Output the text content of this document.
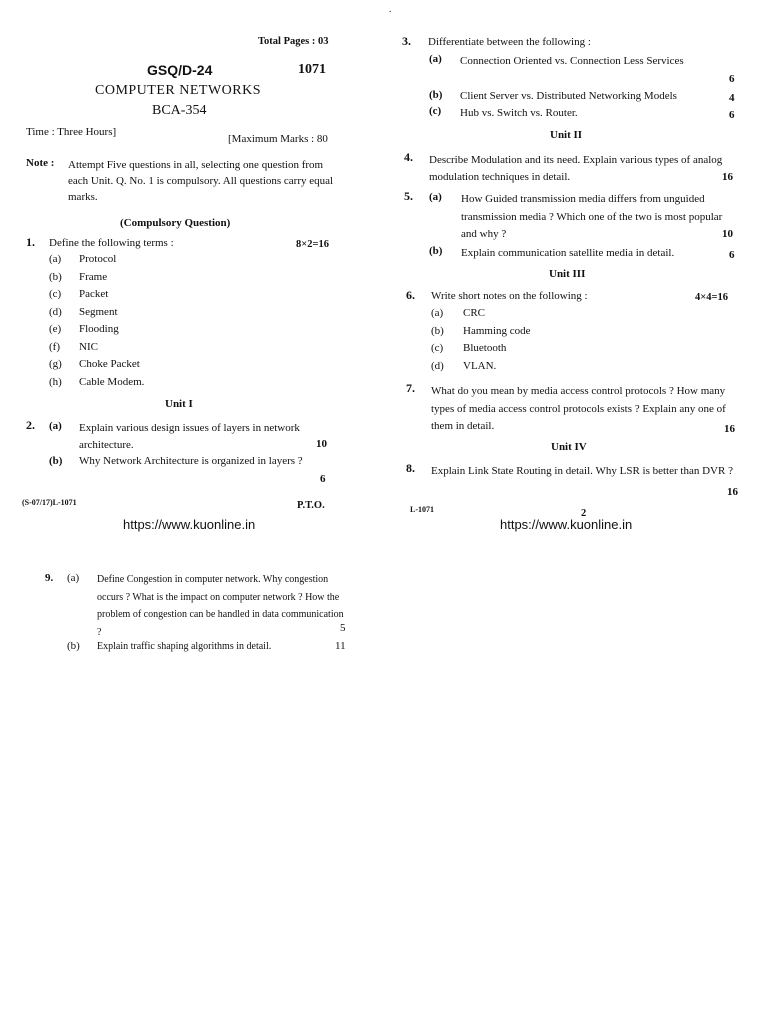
Total Pages : 03
GSQ/D-24	1071
COMPUTER NETWORKS
BCA-354
Time : Three Hours]
[Maximum Marks : 80
Note : Attempt Five questions in all, selecting one question from each Unit. Q. No. 1 is compulsory. All questions carry equal marks.
(Compulsory Question)
1. Define the following terms :	8×2=16
(a) Protocol
(b) Frame
(c) Packet
(d) Segment
(e) Flooding
(f) NIC
(g) Choke Packet
(h) Cable Modem.
Unit I
2. (a) Explain various design issues of layers in network architecture.	10
(b) Why Network Architecture is organized in layers ?
6
(S-07/17)L-1071	P.T.O.
https://www.kuonline.in
·
3. Differentiate between the following :
(a) Connection Oriented vs. Connection Less Services
6
(b) Client Server vs. Distributed Networking Models	4
(c) Hub vs. Switch vs. Router.	6
Unit II
4. Describe Modulation and its need. Explain various types of analog modulation techniques in detail.	16
5. (a) How Guided transmission media differs from unguided transmission media ? Which one of the two is most popular and why ?	10
(b) Explain communication satellite media in detail.	6
Unit III
6. Write short notes on the following :	4×4=16
(a) CRC
(b) Hamming code
(c) Bluetooth
(d) VLAN.
7. What do you mean by media access control protocols ? How many types of media access control protocols exists ? Explain any one of them in detail.	16
Unit IV
8. Explain Link State Routing in detail. Why LSR is better than DVR ?
16
L-1071	2
https://www.kuonline.in
9. (a) Define Congestion in computer network. Why congestion occurs ? What is the impact on computer network ? How the problem of congestion can be handled in data communication ?	5
(b) Explain traffic shaping algorithms in detail.	11
